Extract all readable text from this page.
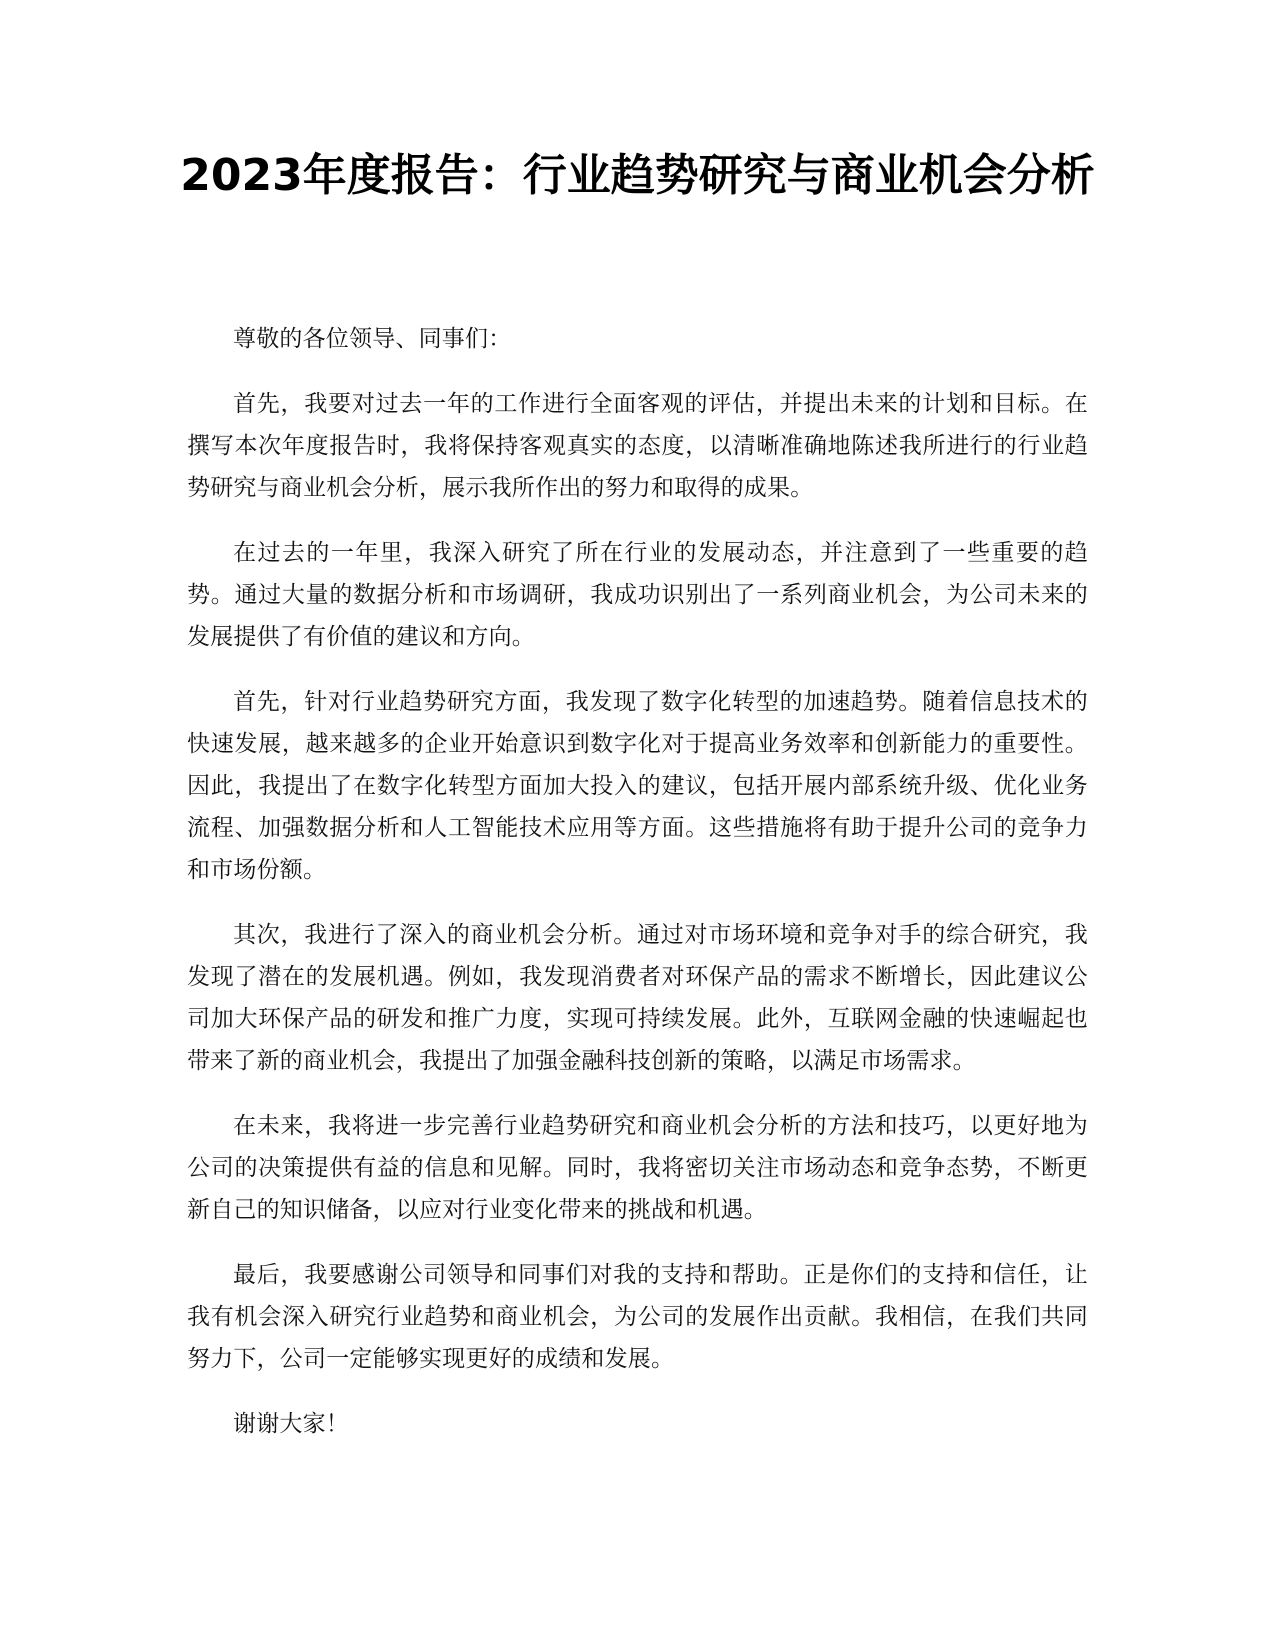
2023年度报告：行业趋势研究与商业机会分析

尊敬的各位领导、同事们：

首先，我要对过去一年的工作进行全面客观的评估，并提出未来的计划和目标。在撰写本次年度报告时，我将保持客观真实的态度，以清晰准确地陈述我所进行的行业趋势研究与商业机会分析，展示我所作出的努力和取得的成果。

在过去的一年里，我深入研究了所在行业的发展动态，并注意到了一些重要的趋势。通过大量的数据分析和市场调研，我成功识别出了一系列商业机会，为公司未来的发展提供了有价值的建议和方向。

首先，针对行业趋势研究方面，我发现了数字化转型的加速趋势。随着信息技术的快速发展，越来越多的企业开始意识到数字化对于提高业务效率和创新能力的重要性。因此，我提出了在数字化转型方面加大投入的建议，包括开展内部系统升级、优化业务流程、加强数据分析和人工智能技术应用等方面。这些措施将有助于提升公司的竞争力和市场份额。

其次，我进行了深入的商业机会分析。通过对市场环境和竞争对手的综合研究，我发现了潜在的发展机遇。例如，我发现消费者对环保产品的需求不断增长，因此建议公司加大环保产品的研发和推广力度，实现可持续发展。此外，互联网金融的快速崛起也带来了新的商业机会，我提出了加强金融科技创新的策略，以满足市场需求。

在未来，我将进一步完善行业趋势研究和商业机会分析的方法和技巧，以更好地为公司的决策提供有益的信息和见解。同时，我将密切关注市场动态和竞争态势，不断更新自己的知识储备，以应对行业变化带来的挑战和机遇。

最后，我要感谢公司领导和同事们对我的支持和帮助。正是你们的支持和信任，让我有机会深入研究行业趋势和商业机会，为公司的发展作出贡献。我相信，在我们共同努力下，公司一定能够实现更好的成绩和发展。

谢谢大家！
